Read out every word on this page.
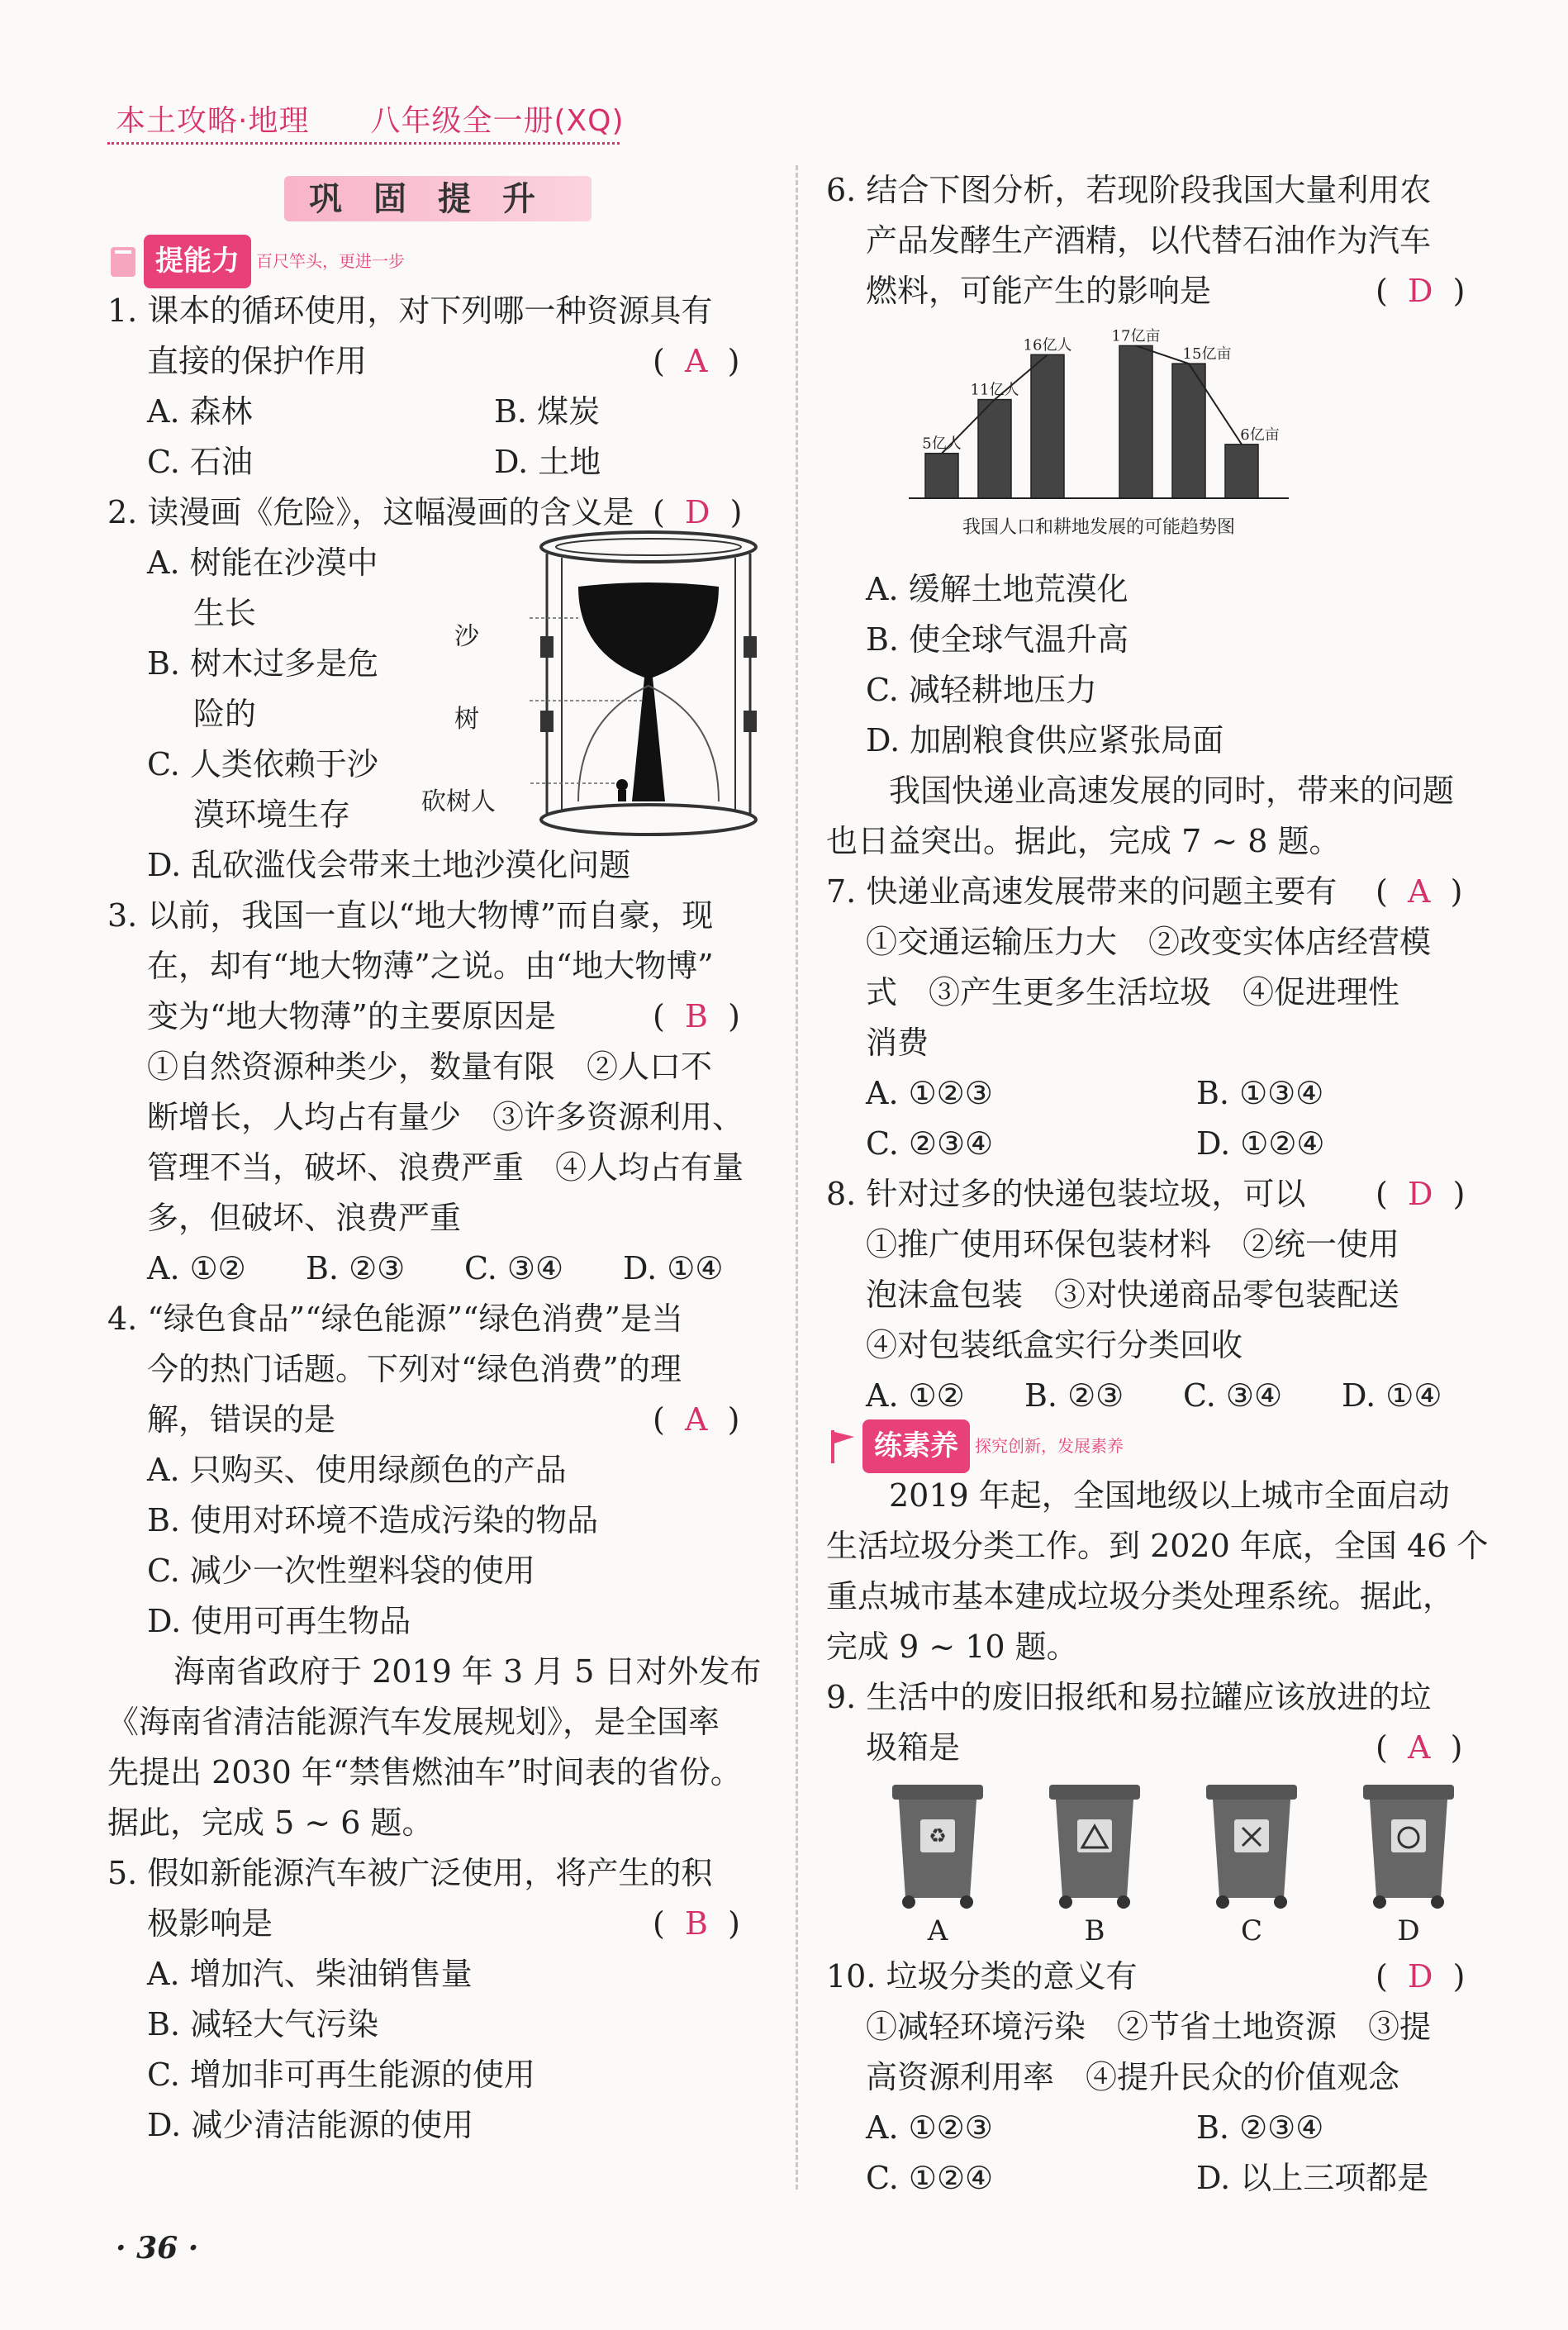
本土攻略·地理　　八年级全一册(XQ)
巩固提升
提能力	百尺竿头，更进一步

1. 课本的循环使用，对下列哪一种资源具有

直接的保护作用	(  A  )

A. 森林	B. 煤炭

C. 石油	D. 土地

2. 读漫画《危险》，这幅漫画的含义是 (  D  )

A. 树能在沙漠中

生长

B. 树木过多是危

险的

C. 人类依赖于沙

漠环境生存

D. 乱砍滥伐会带来土地沙漠化问题

沙
树
砍树人

3. 以前，我国一直以“地大物博”而自豪，现

在，却有“地大物薄”之说。由“地大物博”

变为“地大物薄”的主要原因是	(  B  )

①自然资源种类少，数量有限　②人口不

断增长，人均占有量少　③许多资源利用、

管理不当，破坏、浪费严重　④人均占有量

多，但破坏、浪费严重

A. ①②	B. ②③	C. ③④	D. ①④

4. “绿色食品”“绿色能源”“绿色消费”是当

今的热门话题。下列对“绿色消费”的理

解，错误的是	(  A  )

A. 只购买、使用绿颜色的产品

B. 使用对环境不造成污染的物品

C. 减少一次性塑料袋的使用

D. 使用可再生物品

海南省政府于 2019 年 3 月 5 日对外发布

《海南省清洁能源汽车发展规划》，是全国率

先提出 2030 年“禁售燃油车”时间表的省份。

据此，完成 5 ~ 6 题。

5. 假如新能源汽车被广泛使用，将产生的积

极影响是	(  B  )

A. 增加汽、柴油销售量

B. 减轻大气污染

C. 增加非可再生能源的使用

D. 减少清洁能源的使用

· 36 ·

6. 结合下图分析，若现阶段我国大量利用农

产品发酵生产酒精，以代替石油作为汽车

燃料，可能产生的影响是	(  D  )

5亿人
11亿人
16亿人
17亿亩
15亿亩
6亿亩
我国人口和耕地发展的可能趋势图

A. 缓解土地荒漠化

B. 使全球气温升高

C. 减轻耕地压力

D. 加剧粮食供应紧张局面

我国快递业高速发展的同时，带来的问题

也日益突出。据此，完成 7 ~ 8 题。

7. 快递业高速发展带来的问题主要有 (  A  )

①交通运输压力大　②改变实体店经营模

式　③产生更多生活垃圾　④促进理性

消费

A. ①②③	B. ①③④

C. ②③④	D. ①②④

8. 针对过多的快递包装垃圾，可以 (  D  )

①推广使用环保包装材料　②统一使用

泡沫盒包装　③对快递商品零包装配送

④对包装纸盒实行分类回收

A. ①②	B. ②③	C. ③④	D. ①④

练素养	探究创新，发展素养

2019 年起，全国地级以上城市全面启动

生活垃圾分类工作。到 2020 年底，全国 46 个

重点城市基本建成垃圾分类处理系统。据此，

完成 9 ~ 10 题。

9. 生活中的废旧报纸和易拉罐应该放进的垃

圾箱是	(  A  )

♻
A	B	C	D

10. 垃圾分类的意义有	(  D  )

①减轻环境污染　②节省土地资源　③提

高资源利用率　④提升民众的价值观念

A. ①②③	B. ②③④

C. ①②④	D. 以上三项都是
